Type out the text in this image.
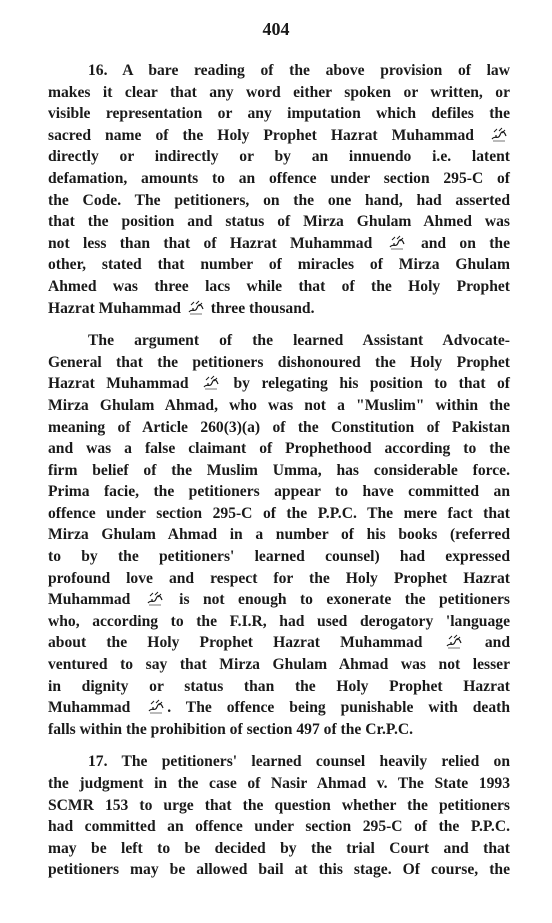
404
16. A bare reading of the above provision of law
makes it clear that any word either spoken or written, or
visible representation or any imputation which defiles the
sacred name of the Holy Prophet Hazrat Muhammad
directly or indirectly or by an innuendo i.e. latent
defamation, amounts to an offence under section 295-C of
the Code. The petitioners, on the one hand, had asserted
that the position and status of Mirza Ghulam Ahmed was
not less than that of Hazrat Muhammad  and on the
other, stated that number of miracles of Mirza Ghulam
Ahmed was three lacs while that of the Holy Prophet
Hazrat Muhammad  three thousand.
The argument of the learned Assistant Advocate-
General that the petitioners dishonoured the Holy Prophet
Hazrat Muhammad  by relegating his position to that of
Mirza Ghulam Ahmad, who was not a "Muslim" within the
meaning of Article 260(3)(a) of the Constitution of Pakistan
and was a false claimant of Prophethood according to the
firm belief of the Muslim Umma, has considerable force.
Prima facie, the petitioners appear to have committed an
offence under section 295-C of the P.P.C. The mere fact that
Mirza Ghulam Ahmad in a number of his books (referred
to by the petitioners' learned counsel) had expressed
profound love and respect for the Holy Prophet Hazrat
Muhammad  is not enough to exonerate the petitioners
who, according to the F.I.R, had used derogatory 'language
about the Holy Prophet Hazrat Muhammad	and
ventured to say that Mirza Ghulam Ahmad was not lesser
in dignity or status than the Holy Prophet Hazrat
Muhammad . The offence being punishable with death
falls within the prohibition of section 497 of the Cr.P.C.
17. The petitioners' learned counsel heavily relied on
the judgment in the case of Nasir Ahmad v. The State 1993
SCMR 153 to urge that the question whether the petitioners
had committed an offence under section 295-C of the P.P.C.
may be left to be decided by the trial Court and that
petitioners may be allowed bail at this stage. Of course, the
